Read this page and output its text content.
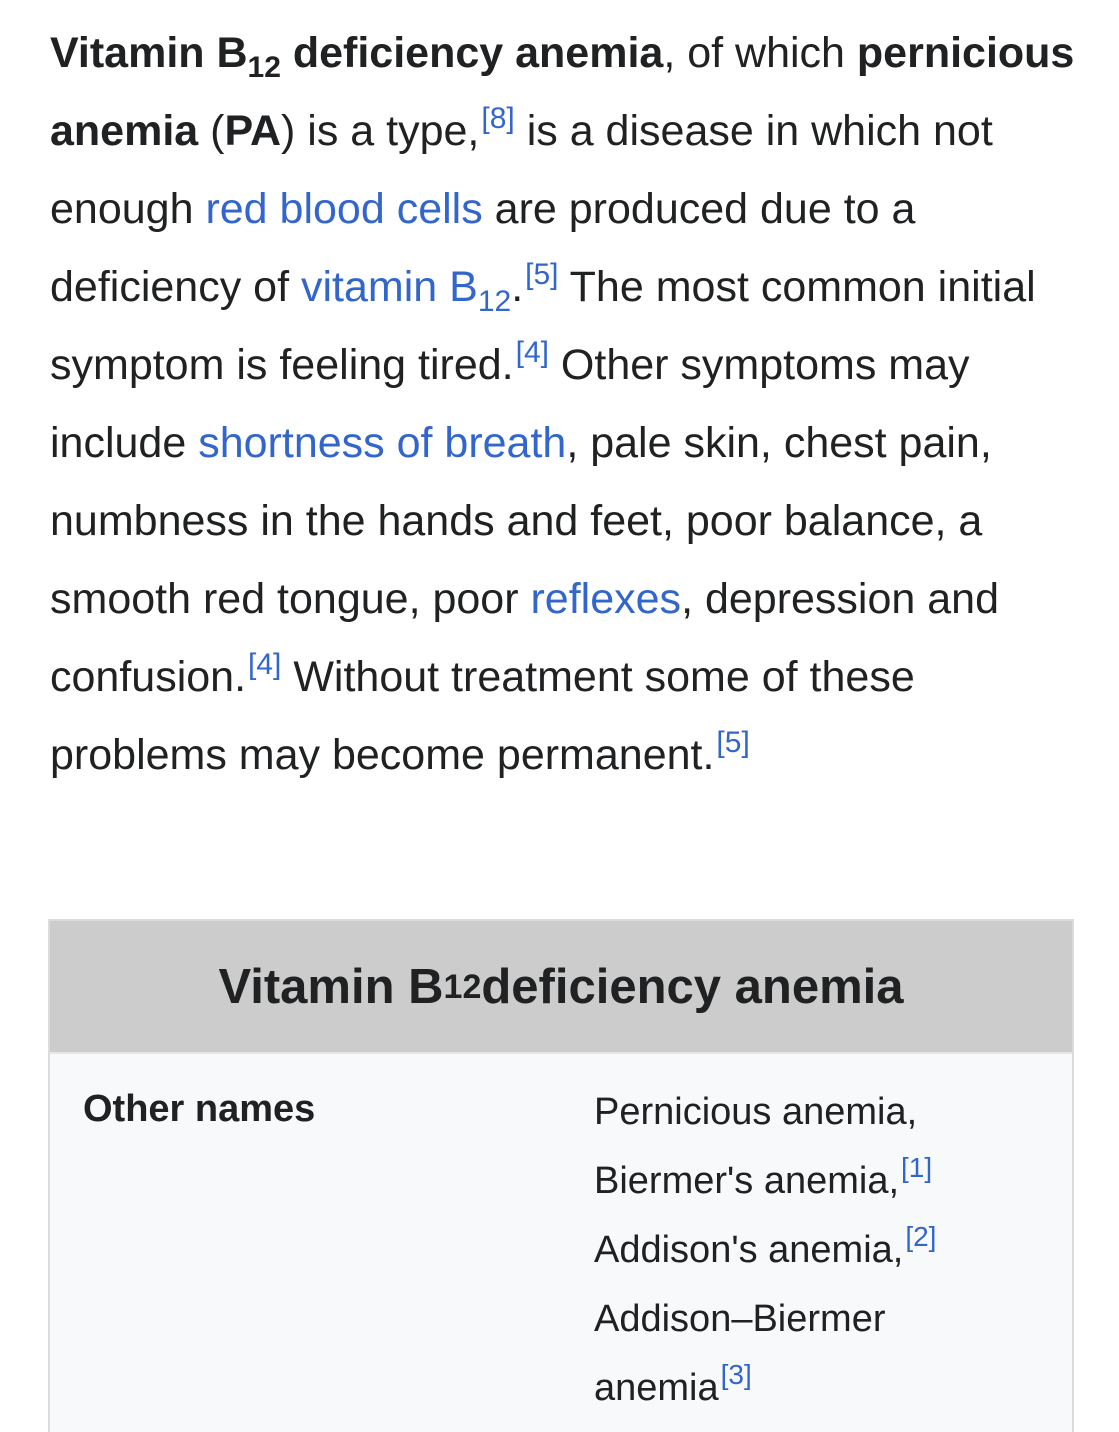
Vitamin $B_{12}$ deficiency anemia, of which pernicious anemia (PA) is a type,[8] is a disease in which not enough red blood cells are produced due to a deficiency of vitamin $B_{12}.[5]$ The most common initial symptom is feeling tired.[4] Other symptoms may include shortness of breath, pale skin, chest pain, numbness in the hands and feet, poor balance, a smooth red tongue, poor reflexes, depression and confusion.[4] Without treatment some of these problems may become permanent.[5]

Vitamin B 12 deficiency anemia
Other names	Pernicious anemia,
Biermer's anemia,[1]
Addison's anemia,[2]
Addison–Biermer
anemia[3]
